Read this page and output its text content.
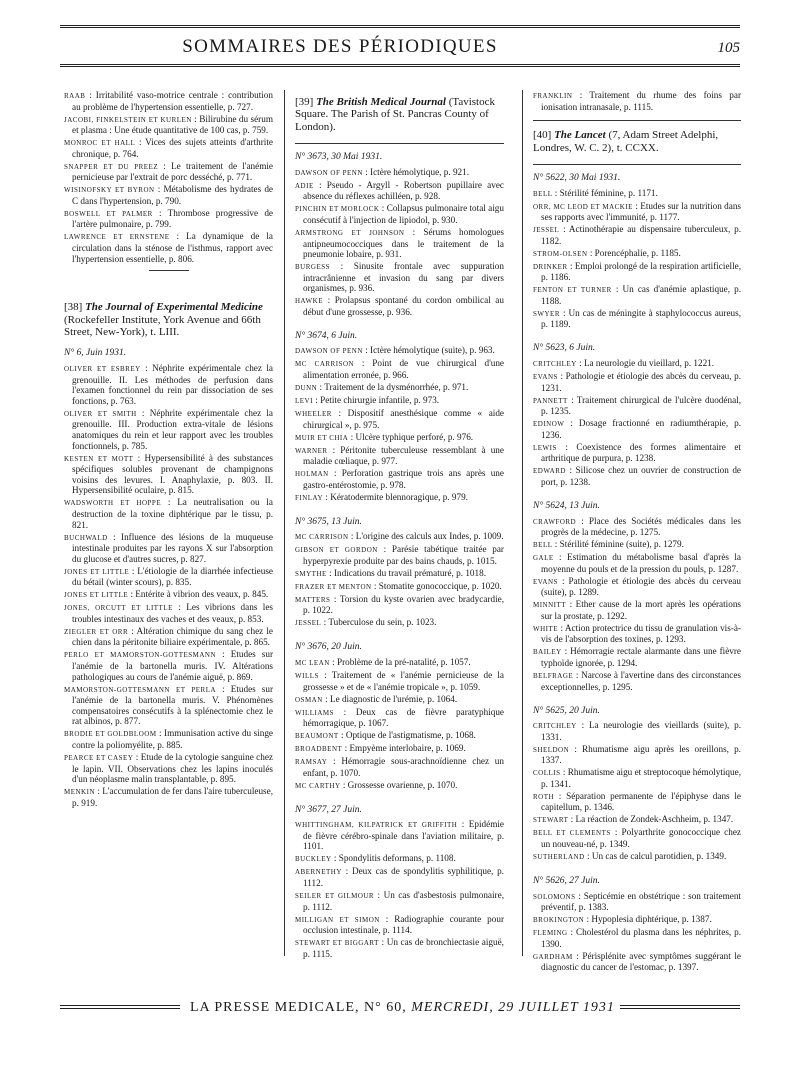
SOMMAIRES DES PÉRIODIQUES	105
RAAB : Irritabilité vaso-motrice centrale : contribution au problème de l'hypertension essentielle, p. 727.
JACOBI, FINKELSTEIN ET KURLEN : Bilirubine du sérum et plasma : Une étude quantitative de 100 cas, p. 759.
MONROC ET HALL : Vices des sujets atteints d'arthrite chronique, p. 764.
SNAPPER ET DU PREEZ : Le traitement de l'anémie pernicieuse par l'extrait de porc desséché, p. 771.
WISINOFSKY ET BYRON : Métabolisme des hydrates de C dans l'hypertension, p. 790.
BOSWELL ET PALMER : Thrombose progressive de l'artère pulmonaire, p. 799.
LAWRENCE ET ERNSTENE : La dynamique de la circulation dans la sténose de l'isthmus, rapport avec l'hypertension essentielle, p. 806.
[38] The Journal of Experimental Medicine (Rockefeller Institute, York Avenue and 66th Street, New-York), t. LIII.
N° 6, Juin 1931.
OLIVER ET ESBREY : Néphrite expérimentale chez la grenouille. II. Les méthodes de perfusion dans l'examen fonctionnel du rein par dissociation de ses fonctions, p. 763.
OLIVER ET SMITH : Néphrite expérimentale chez la grenouille. III. Production extra-vitale de lésions anatomiques du rein et leur rapport avec les troubles fonctionnels, p. 785.
KESTEN ET MOTT : Hypersensibilité à des substances spécifiques solubles provenant de champignons voisins des levures. I. Anaphylaxie, p. 803. II. Hypersensibilité oculaire, p. 815.
WADSWORTH ET HOPPE : La neutralisation ou la destruction de la toxine diphtérique par le tissu, p. 821.
BUCHWALD : Influence des lésions de la muqueuse intestinale produites par les rayons X sur l'absorption du glucose et d'autres sucres, p. 827.
JONES ET LITTLE : L'étiologie de la diarrhée infectieuse du bétail (winter scours), p. 835.
JONES ET LITTLE : Entérite à vibrion des veaux, p. 845.
JONES, ORCUTT ET LITTLE : Les vibrions dans les troubles intestinaux des vaches et des veaux, p. 853.
ZIEGLER ET ORR : Altération chimique du sang chez le chien dans la péritonite biliaire expérimentale, p. 865.
PERLO ET MAMORSTON-GOTTESMANN : Etudes sur l'anémie de la bartonella muris. IV. Altérations pathologiques au cours de l'anémie aiguë, p. 869.
MAMORSTON-GOTTESMANN ET PERLA : Etudes sur l'anémie de la bartonella muris. V. Phénomènes compensatoires consécutifs à la splénectomie chez le rat albinos, p. 877.
BRODIE ET GOLDBLOOM : Immunisation active du singe contre la poliomyélite, p. 885.
PEARCE ET CASEY : Etude de la cytologie sanguine chez le lapin. VII. Observations chez les lapins inoculés d'un néoplasme malin transplantable, p. 895.
MENKIN : L'accumulation de fer dans l'aire tuberculeuse, p. 919.
[39] The British Medical Journal (Tavistock Square. The Parish of St. Pancras County of London).
N° 3673, 30 Mai 1931.
DAWSON OF PENN : Ictère hémolytique, p. 921.
ADIE : Pseudo - Argyll - Robertson pupillaire avec absence du réflexes achilléen, p. 928.
PINCHIN ET MORLOCK : Collapsus pulmonaire total aigu consécutif à l'injection de lipiodol, p. 930.
ARMSTRONG ET JOHNSON : Sérums homologues antipneumococciques dans le traitement de la pneumonie lobaire, p. 931.
BURGESS : Sinusite frontale avec suppuration intracrânienne et invasion du sang par divers organismes, p. 936.
HAWKE : Prolapsus spontané du cordon ombilical au début d'une grossesse, p. 936.
N° 3674, 6 Juin.
DAWSON OF PENN : Ictère hémolytique (suite), p. 963.
MC CARRISON : Point de vue chirurgical d'une alimentation erronée, p. 966.
DUNN : Traitement de la dysménorrhée, p. 971.
LEVI : Petite chirurgie infantile, p. 973.
WHEELER : Dispositif anesthésique comme « aide chirurgical », p. 975.
MUIR ET CHIA : Ulcère typhique perforé, p. 976.
WARNER : Péritonite tuberculeuse ressemblant à une maladie cœliaque, p. 977.
HOLMAN : Perforation gastrique trois ans après une gastro-entérostomie, p. 978.
FINLAY : Kératodermite blennoragique, p. 979.
N° 3675, 13 Juin.
MC CARRISON : L'origine des calculs aux Indes, p. 1009.
GIBSON ET GORDON : Parésie tabétique traitée par hyperpyrexie produite par des bains chauds, p. 1015.
SMYTHE : Indications du travail prématuré, p. 1018.
FRAZER ET MENTON : Stomatite gonococcique, p. 1020.
MATTERS : Torsion du kyste ovarien avec bradycardie, p. 1022.
JESSEL : Tuberculose du sein, p. 1023.
N° 3676, 20 Juin.
MC LEAN : Problème de la pré-natalité, p. 1057.
WILLS : Traitement de « l'anémie pernicieuse de la grossesse » et de « l'anémie tropicale », p. 1059.
OSMAN : Le diagnostic de l'urémie, p. 1064.
WILLIAMS : Deux cas de fièvre paratyphique hémorragique, p. 1067.
BEAUMONT : Optique de l'astigmatisme, p. 1068.
BROADBENT : Empyème interlobaire, p. 1069.
RAMSAY : Hémorragie sous-arachnoïdienne chez un enfant, p. 1070.
MC CARTHY : Grossesse ovarienne, p. 1070.
N° 3677, 27 Juin.
WHITTINGHAM, KILPATRICK ET GRIFFITH : Epidémie de fièvre cérébro-spinale dans l'aviation militaire, p. 1101.
BUCKLEY : Spondylitis deformans, p. 1108.
ABERNETHY : Deux cas de spondylitis syphilitique, p. 1112.
SEILER ET GILMOUR : Un cas d'asbestosis pulmonaire, p. 1112.
MILLIGAN ET SIMON : Radiographie courante pour occlusion intestinale, p. 1114.
STEWART ET BIGGART : Un cas de bronchiectasie aiguë, p. 1115.
FRANKLIN : Traitement du rhume des foins par ionisation intranasale, p. 1115.
[40] The Lancet (7, Adam Street Adelphi, Londres, W. C. 2), t. CCXX.
N° 5622, 30 Mai 1931.
BELL : Stérilité féminine, p. 1171.
ORR, MC LEOD ET MACKIE : Etudes sur la nutrition dans ses rapports avec l'immunité, p. 1177.
JESSEL : Actinothérapie au dispensaire tuberculeux, p. 1182.
STROM-OLSEN : Porencéphalie, p. 1185.
DRINKER : Emploi prolongé de la respiration artificielle, p. 1186.
FENTON ET TURNER : Un cas d'anémie aplastique, p. 1188.
SWYER : Un cas de méningite à staphylococcus aureus, p. 1189.
N° 5623, 6 Juin.
CRITCHLEY : La neurologie du vieillard, p. 1221.
EVANS : Pathologie et étiologie des abcès du cerveau, p. 1231.
PANNETT : Traitement chirurgical de l'ulcère duodénal, p. 1235.
EDINOW : Dosage fractionné en radiumthérapie, p. 1236.
LEWIS : Coexistence des formes alimentaire et arthritique de purpura, p. 1238.
EDWARD : Silicose chez un ouvrier de construction de port, p. 1238.
N° 5624, 13 Juin.
CRAWFORD : Place des Sociétés médicales dans les progrès de la médecine, p. 1275.
BELL : Stérilité féminine (suite), p. 1279.
GALE : Estimation du métabolisme basal d'après la moyenne du pouls et de la pression du pouls, p. 1287.
EVANS : Pathologie et étiologie des abcès du cerveau (suite), p. 1289.
MINNITT : Ether cause de la mort après les opérations sur la prostate, p. 1292.
WHITE : Action protectrice du tissu de granulation vis-à-vis de l'absorption des toxines, p. 1293.
BAILEY : Hémorragie rectale alarmante dans une fièvre typhoïde ignorée, p. 1294.
BELFRAGE : Narcose à l'avertine dans des circonstances exceptionnelles, p. 1295.
N° 5625, 20 Juin.
CRITCHLEY : La neurologie des vieillards (suite), p. 1331.
SHELDON : Rhumatisme aigu après les oreillons, p. 1337.
COLLIS : Rhumatisme aigu et streptocoque hémolytique, p. 1341.
ROTH : Séparation permanente de l'épiphyse dans le capitellum, p. 1346.
STEWART : La réaction de Zondek-Aschheim, p. 1347.
BELL ET CLEMENTS : Polyarthrite gonococcique chez un nouveau-né, p. 1349.
SUTHERLAND : Un cas de calcul parotidien, p. 1349.
N° 5626, 27 Juin.
SOLOMONS : Septicémie en obstétrique : son traitement préventif, p. 1383.
BROKINGTON : Hypoplesia diphtérique, p. 1387.
FLEMING : Cholestérol du plasma dans les néphrites, p. 1390.
GARDHAM : Périsplénite avec symptômes suggérant le diagnostic du cancer de l'estomac, p. 1397.
LA PRESSE MEDICALE, N° 60, MERCREDI, 29 JUILLET 1931
